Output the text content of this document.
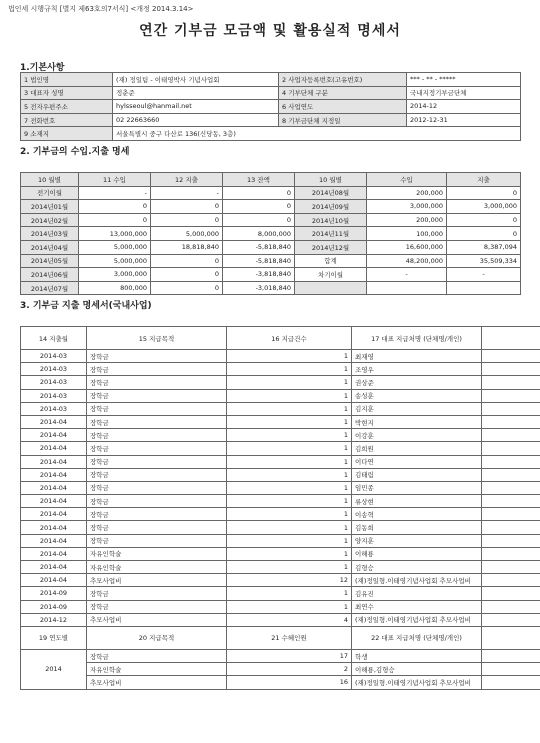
법인세 시행규칙 [별지 제63호의7서식] <개정 2014.3.14>
연간 기부금 모금액 및 활용실적 명세서
1.기본사항
1 법인명	(재) 정일팀 - 이태영박사 기념사업회	2 사업자등록번호(고유번호)	*** - ** - *****
3 대표자 성명	정춘준	4 기부단체 구분	국내지정기부금단체
5 전자우편주소	hylsseoul@hanmail.net	6 사업연도	2014-12
7 전화번호	02 22663660	8 기부금단체 지정일	2012-12-31
9 소재지	서울특별시 중구 다산로 136(신당동, 3층)		
2. 기부금의 수입.지출 명세
10 월별	11 수입	12 지출	13 잔액	10 월별	수입	지출
전기이월	-	-	0	2014년08월	200,000	0
2014년01월	0	0	0	2014년09월	3,000,000	3,000,000
2014년02월	0	0	0	2014년10월	200,000	0
2014년03월	13,000,000	5,000,000	8,000,000	2014년11월	100,000	0
2014년04월	5,000,000	18,818,840	-5,818,840	2014년12월	16,600,000	8,387,094
2014년05월	5,000,000	0	-5,818,840	합계	48,200,000	35,509,334
2014년06월	3,000,000	0	-3,818,840	차기이월	-	-
2014년07월	800,000	0	-3,018,840			
3. 기부금 지출 명세서(국내사업)
14 지출월	15 지급목적	16 지급건수	17 대표 지급처명 (단체명/개인)	
2014-03	장학금	1	최재영	
2014-03	장학금	1	조영우	
2014-03	장학금	1	권상준	
2014-03	장학금	1	송성훈	
2014-03	장학금	1	김지훈	
2014-04	장학금	1	박현지	
2014-04	장학금	1	이강훈	
2014-04	장학금	1	김희원	
2014-04	장학금	1	이다연	
2014-04	장학금	1	김태림	
2014-04	장학금	1	임민종	
2014-04	장학금	1	류상현	
2014-04	장학금	1	이송혁	
2014-04	장학금	1	김동희	
2014-04	장학금	1	양지훈	
2014-04	자유인학술	1	이해룡	
2014-04	자유인학술	1	김형승	
2014-04	추모사업비	12	(재)정일형.이태영기념사업회 추모사업비	
2014-09	장학금	1	김유진	
2014-09	장학금	1	최연수	
2014-12	추모사업비	4	(재)정일형.이태영기념사업회 추모사업비	
19 연도별	20 지급목적	21 수혜인원	22 대표 지급처명 (단체명/개인)	
2014	장학금	17	학생	
	자유인학술	2	이해룡,김형승	
	추모사업비	16	(재)정일형.이태영기념사업회 추모사업비	
